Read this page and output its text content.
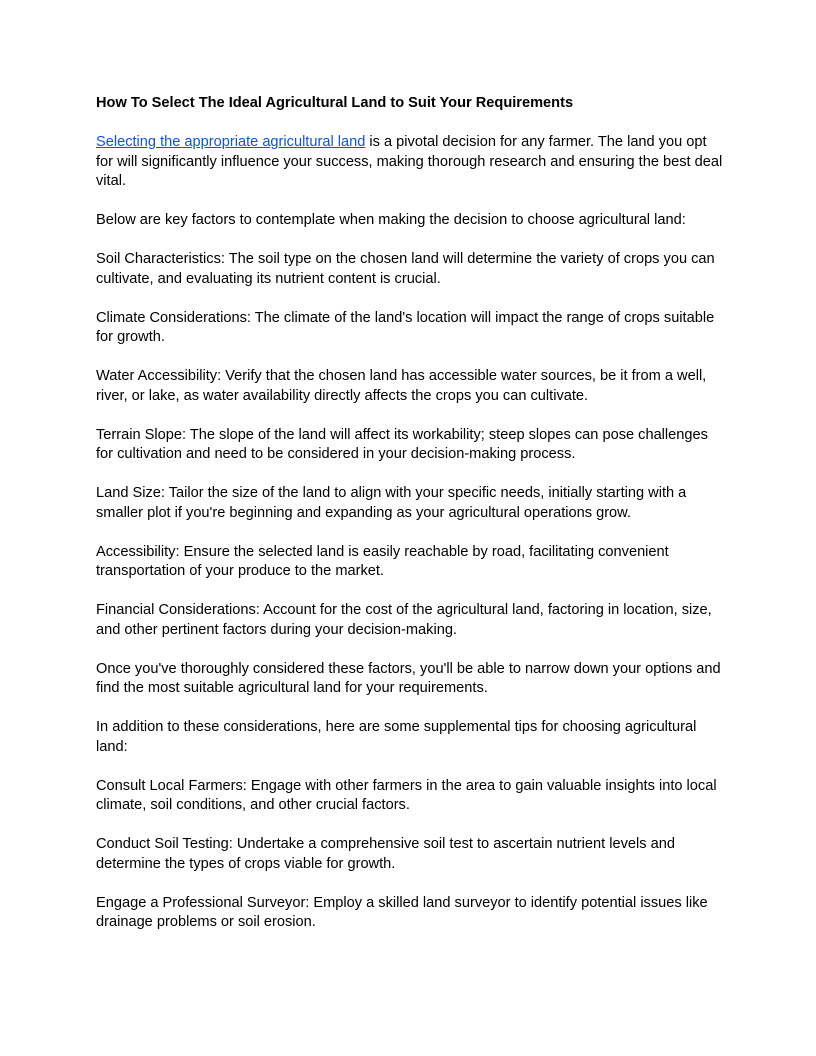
How To Select The Ideal Agricultural Land to Suit Your Requirements

Selecting the appropriate agricultural land is a pivotal decision for any farmer. The land you opt for will significantly influence your success, making thorough research and ensuring the best deal vital.

Below are key factors to contemplate when making the decision to choose agricultural land:

Soil Characteristics: The soil type on the chosen land will determine the variety of crops you can cultivate, and evaluating its nutrient content is crucial.

Climate Considerations: The climate of the land's location will impact the range of crops suitable for growth.

Water Accessibility: Verify that the chosen land has accessible water sources, be it from a well, river, or lake, as water availability directly affects the crops you can cultivate.

Terrain Slope: The slope of the land will affect its workability; steep slopes can pose challenges for cultivation and need to be considered in your decision-making process.

Land Size: Tailor the size of the land to align with your specific needs, initially starting with a smaller plot if you're beginning and expanding as your agricultural operations grow.

Accessibility: Ensure the selected land is easily reachable by road, facilitating convenient transportation of your produce to the market.

Financial Considerations: Account for the cost of the agricultural land, factoring in location, size, and other pertinent factors during your decision-making.

Once you've thoroughly considered these factors, you'll be able to narrow down your options and find the most suitable agricultural land for your requirements.

In addition to these considerations, here are some supplemental tips for choosing agricultural land:

Consult Local Farmers: Engage with other farmers in the area to gain valuable insights into local climate, soil conditions, and other crucial factors.

Conduct Soil Testing: Undertake a comprehensive soil test to ascertain nutrient levels and determine the types of crops viable for growth.

Engage a Professional Surveyor: Employ a skilled land surveyor to identify potential issues like drainage problems or soil erosion.
